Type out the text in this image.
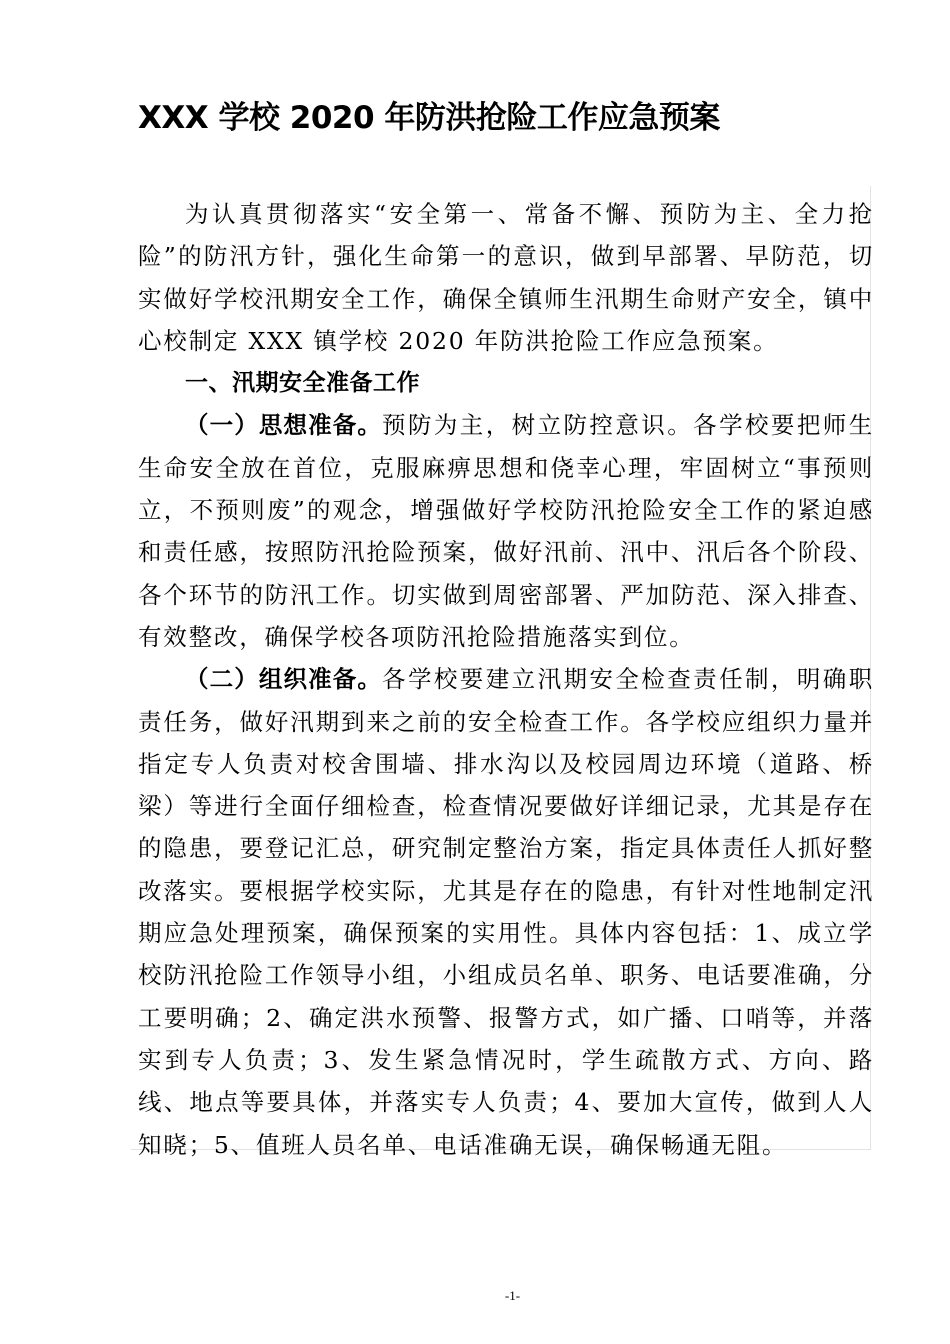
XXX 学校 2020 年防洪抢险工作应急预案

为认真贯彻落实“安全第一、常备不懈、预防为主、全力抢险”的防汛方针，强化生命第一的意识，做到早部署、早防范，切实做好学校汛期安全工作，确保全镇师生汛期生命财产安全，镇中心校制定 XXX 镇学校 2020 年防洪抢险工作应急预案。

一、汛期安全准备工作

（一）思想准备。预防为主，树立防控意识。各学校要把师生生命安全放在首位，克服麻痹思想和侥幸心理，牢固树立“事预则立，不预则废”的观念，增强做好学校防汛抢险安全工作的紧迫感和责任感，按照防汛抢险预案，做好汛前、汛中、汛后各个阶段、各个环节的防汛工作。切实做到周密部署、严加防范、深入排查、有效整改，确保学校各项防汛抢险措施落实到位。

（二）组织准备。各学校要建立汛期安全检查责任制，明确职责任务，做好汛期到来之前的安全检查工作。各学校应组织力量并指定专人负责对校舍围墙、排水沟以及校园周边环境（道路、桥梁）等进行全面仔细检查，检查情况要做好详细记录，尤其是存在的隐患，要登记汇总，研究制定整治方案，指定具体责任人抓好整改落实。要根据学校实际，尤其是存在的隐患，有针对性地制定汛期应急处理预案，确保预案的实用性。具体内容包括：1、成立学校防汛抢险工作领导小组，小组成员名单、职务、电话要准确，分工要明确；2、确定洪水预警、报警方式，如广播、口哨等，并落实到专人负责；3、发生紧急情况时，学生疏散方式、方向、路线、地点等要具体，并落实专人负责；4、要加大宣传，做到人人知晓；5、值班人员名单、电话准确无误，确保畅通无阻。

-1-
